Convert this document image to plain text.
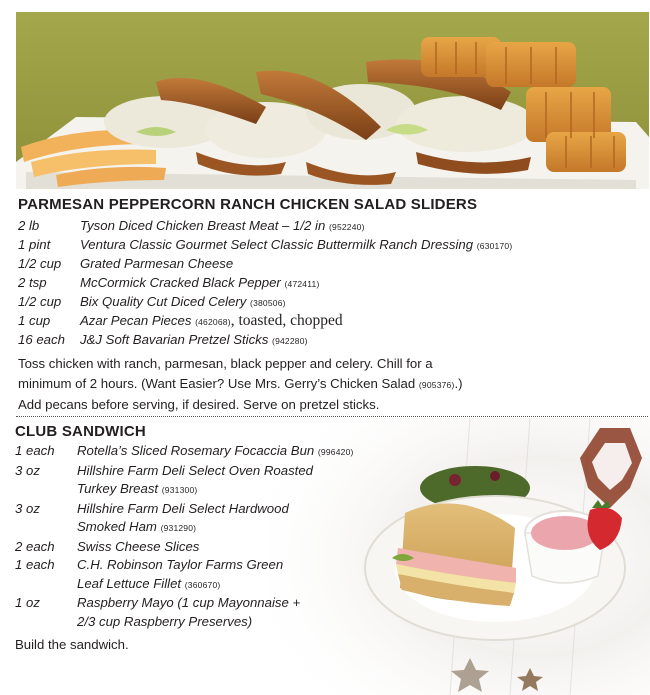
PARMESAN PEPPERCORN RANCH CHICKEN SALAD SLIDERS
2 lb	Tyson Diced Chicken Breast Meat – 1/2 in (952240)
1 pint Ventura Classic Gourmet Select Classic Buttermilk Ranch Dressing (630170)
1/2 cup Grated Parmesan Cheese
2 tsp	McCormick Cracked Black Pepper (472411)
1/2 cup Bix Quality Cut Diced Celery (380506)
1 cup Azar Pecan Pieces (462068), toasted, chopped
16 each J&J Soft Bavarian Pretzel Sticks (942280)
Toss chicken with ranch, parmesan, black pepper and celery. Chill for a
minimum of 2 hours. (Want Easier? Use Mrs. Gerry’s Chicken Salad (905376).)
Add pecans before serving, if desired. Serve on pretzel sticks.
CLUB SANDWICH
1 each Rotella’s Sliced Rosemary Focaccia Bun (996420)
3 oz	Hillshire Farm Deli Select Oven Roasted
Turkey Breast (931300)
3 oz	Hillshire Farm Deli Select Hardwood
Smoked Ham (931290)
2 each Swiss Cheese Slices
1 each C.H. Robinson Taylor Farms Green
Leaf Lettuce Fillet (360670)
1 oz	Raspberry Mayo (1 cup Mayonnaise +
2/3 cup Raspberry Preserves)
Build the sandwich.
